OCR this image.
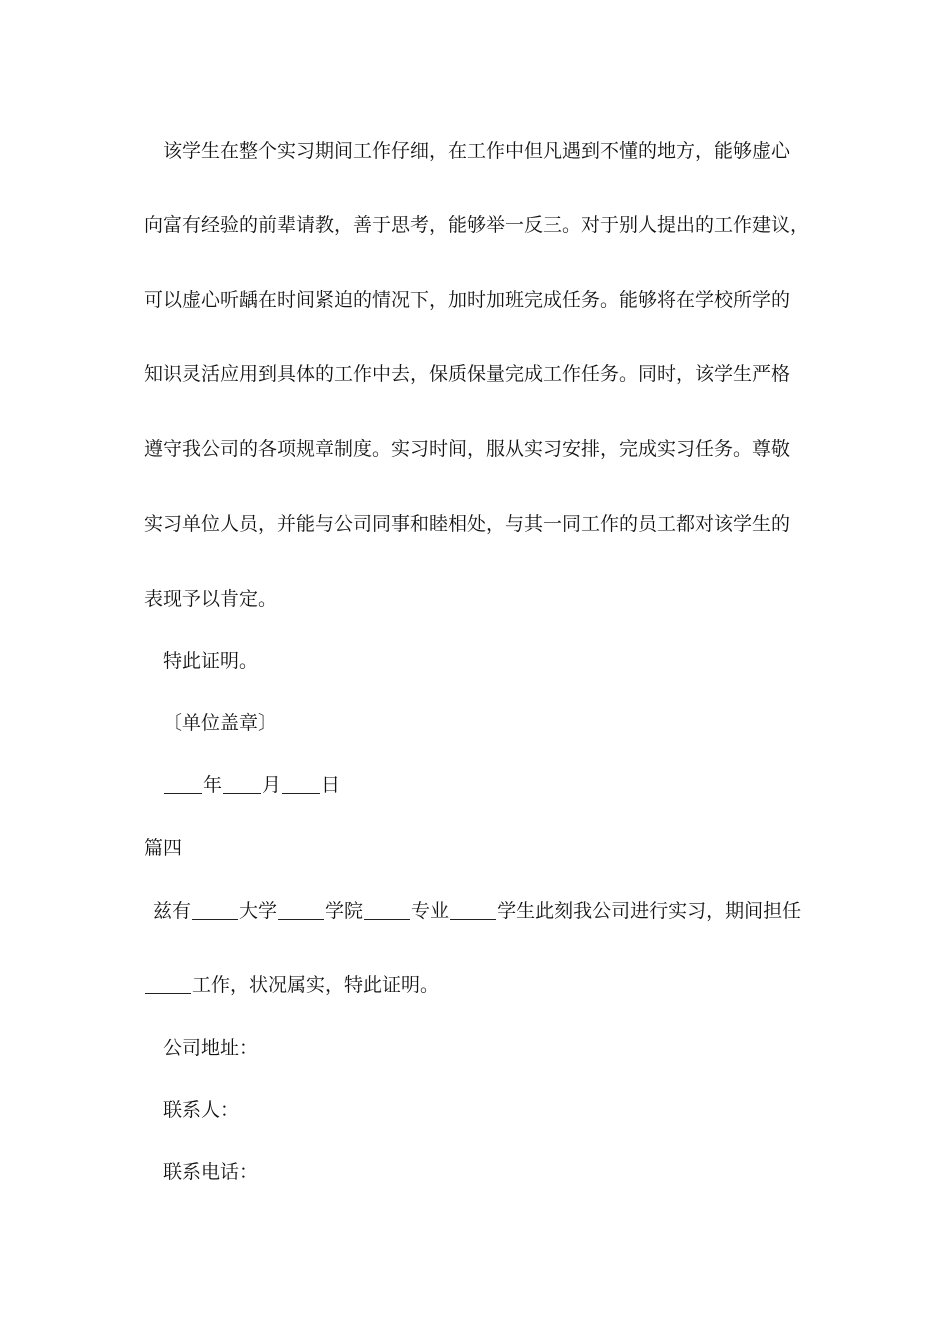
该学生在整个实习期间工作仔细，在工作中但凡遇到不懂的地方，能够虚心

向富有经验的前辈请教，善于思考，能够举一反三。对于别人提出的工作建议，

可以虚心听龋在时间紧迫的情况下，加时加班完成任务。能够将在学校所学的

知识灵活应用到具体的工作中去，保质保量完成工作任务。同时，该学生严格

遵守我公司的各项规章制度。实习时间，服从实习安排，完成实习任务。尊敬

实习单位人员，并能与公司同事和睦相处，与其一同工作的员工都对该学生的

表现予以肯定。

特此证明。

〔单位盖章〕

年 月 日

篇四

兹有	大学	学院	专业	学生此刻我公司进行实习，期间担任

工作，状况属实，特此证明。

公司地址：

联系人：

联系电话：
